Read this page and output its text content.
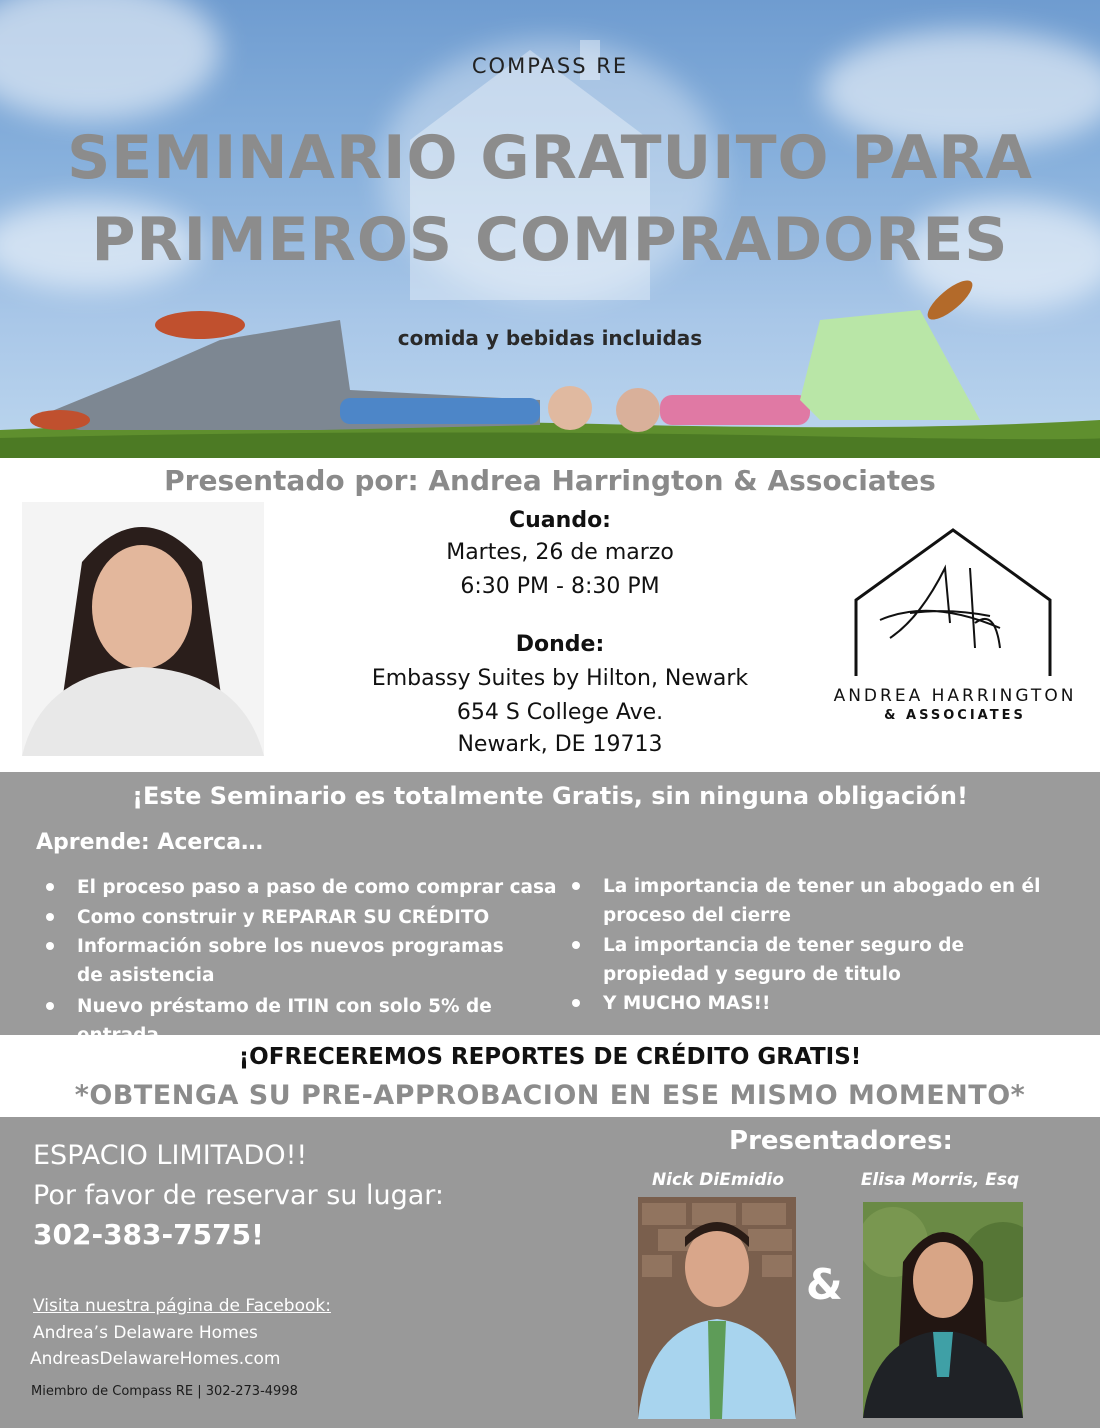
COMPASS RE
SEMINARIO GRATUITO PARA
PRIMEROS COMPRADORES
comida y bebidas incluidas
Presentado por: Andrea Harrington & Associates
Cuando:
Martes, 26 de marzo
6:30 PM - 8:30 PM
Donde:
Embassy Suites by Hilton, Newark
654 S College Ave.
Newark, DE 19713
ANDREA HARRINGTON
& ASSOCIATES
¡Este Seminario es totalmente Gratis, sin ninguna obligación!
Aprende: Acerca…
El proceso paso a paso de como comprar casa
Como construir y REPARAR SU CRÉDITO
Información sobre los nuevos programas de asistencia
Nuevo préstamo de ITIN con solo 5% de entrada
La importancia de tener un abogado en él proceso del cierre
La importancia de tener seguro de propiedad y seguro de titulo
Y MUCHO MAS!!
¡OFRECEREMOS REPORTES DE CRÉDITO GRATIS!
*OBTENGA SU PRE-APPROBACION EN ESE MISMO MOMENTO*
ESPACIO LIMITADO!!
Por favor de reservar su lugar:
302-383-7575!
Visita nuestra página de Facebook:
Andrea’s Delaware Homes
AndreasDelawareHomes.com
Miembro de Compass RE | 302-273-4998
Presentadores:
Nick DiEmidio	Elisa Morris, Esq
&
